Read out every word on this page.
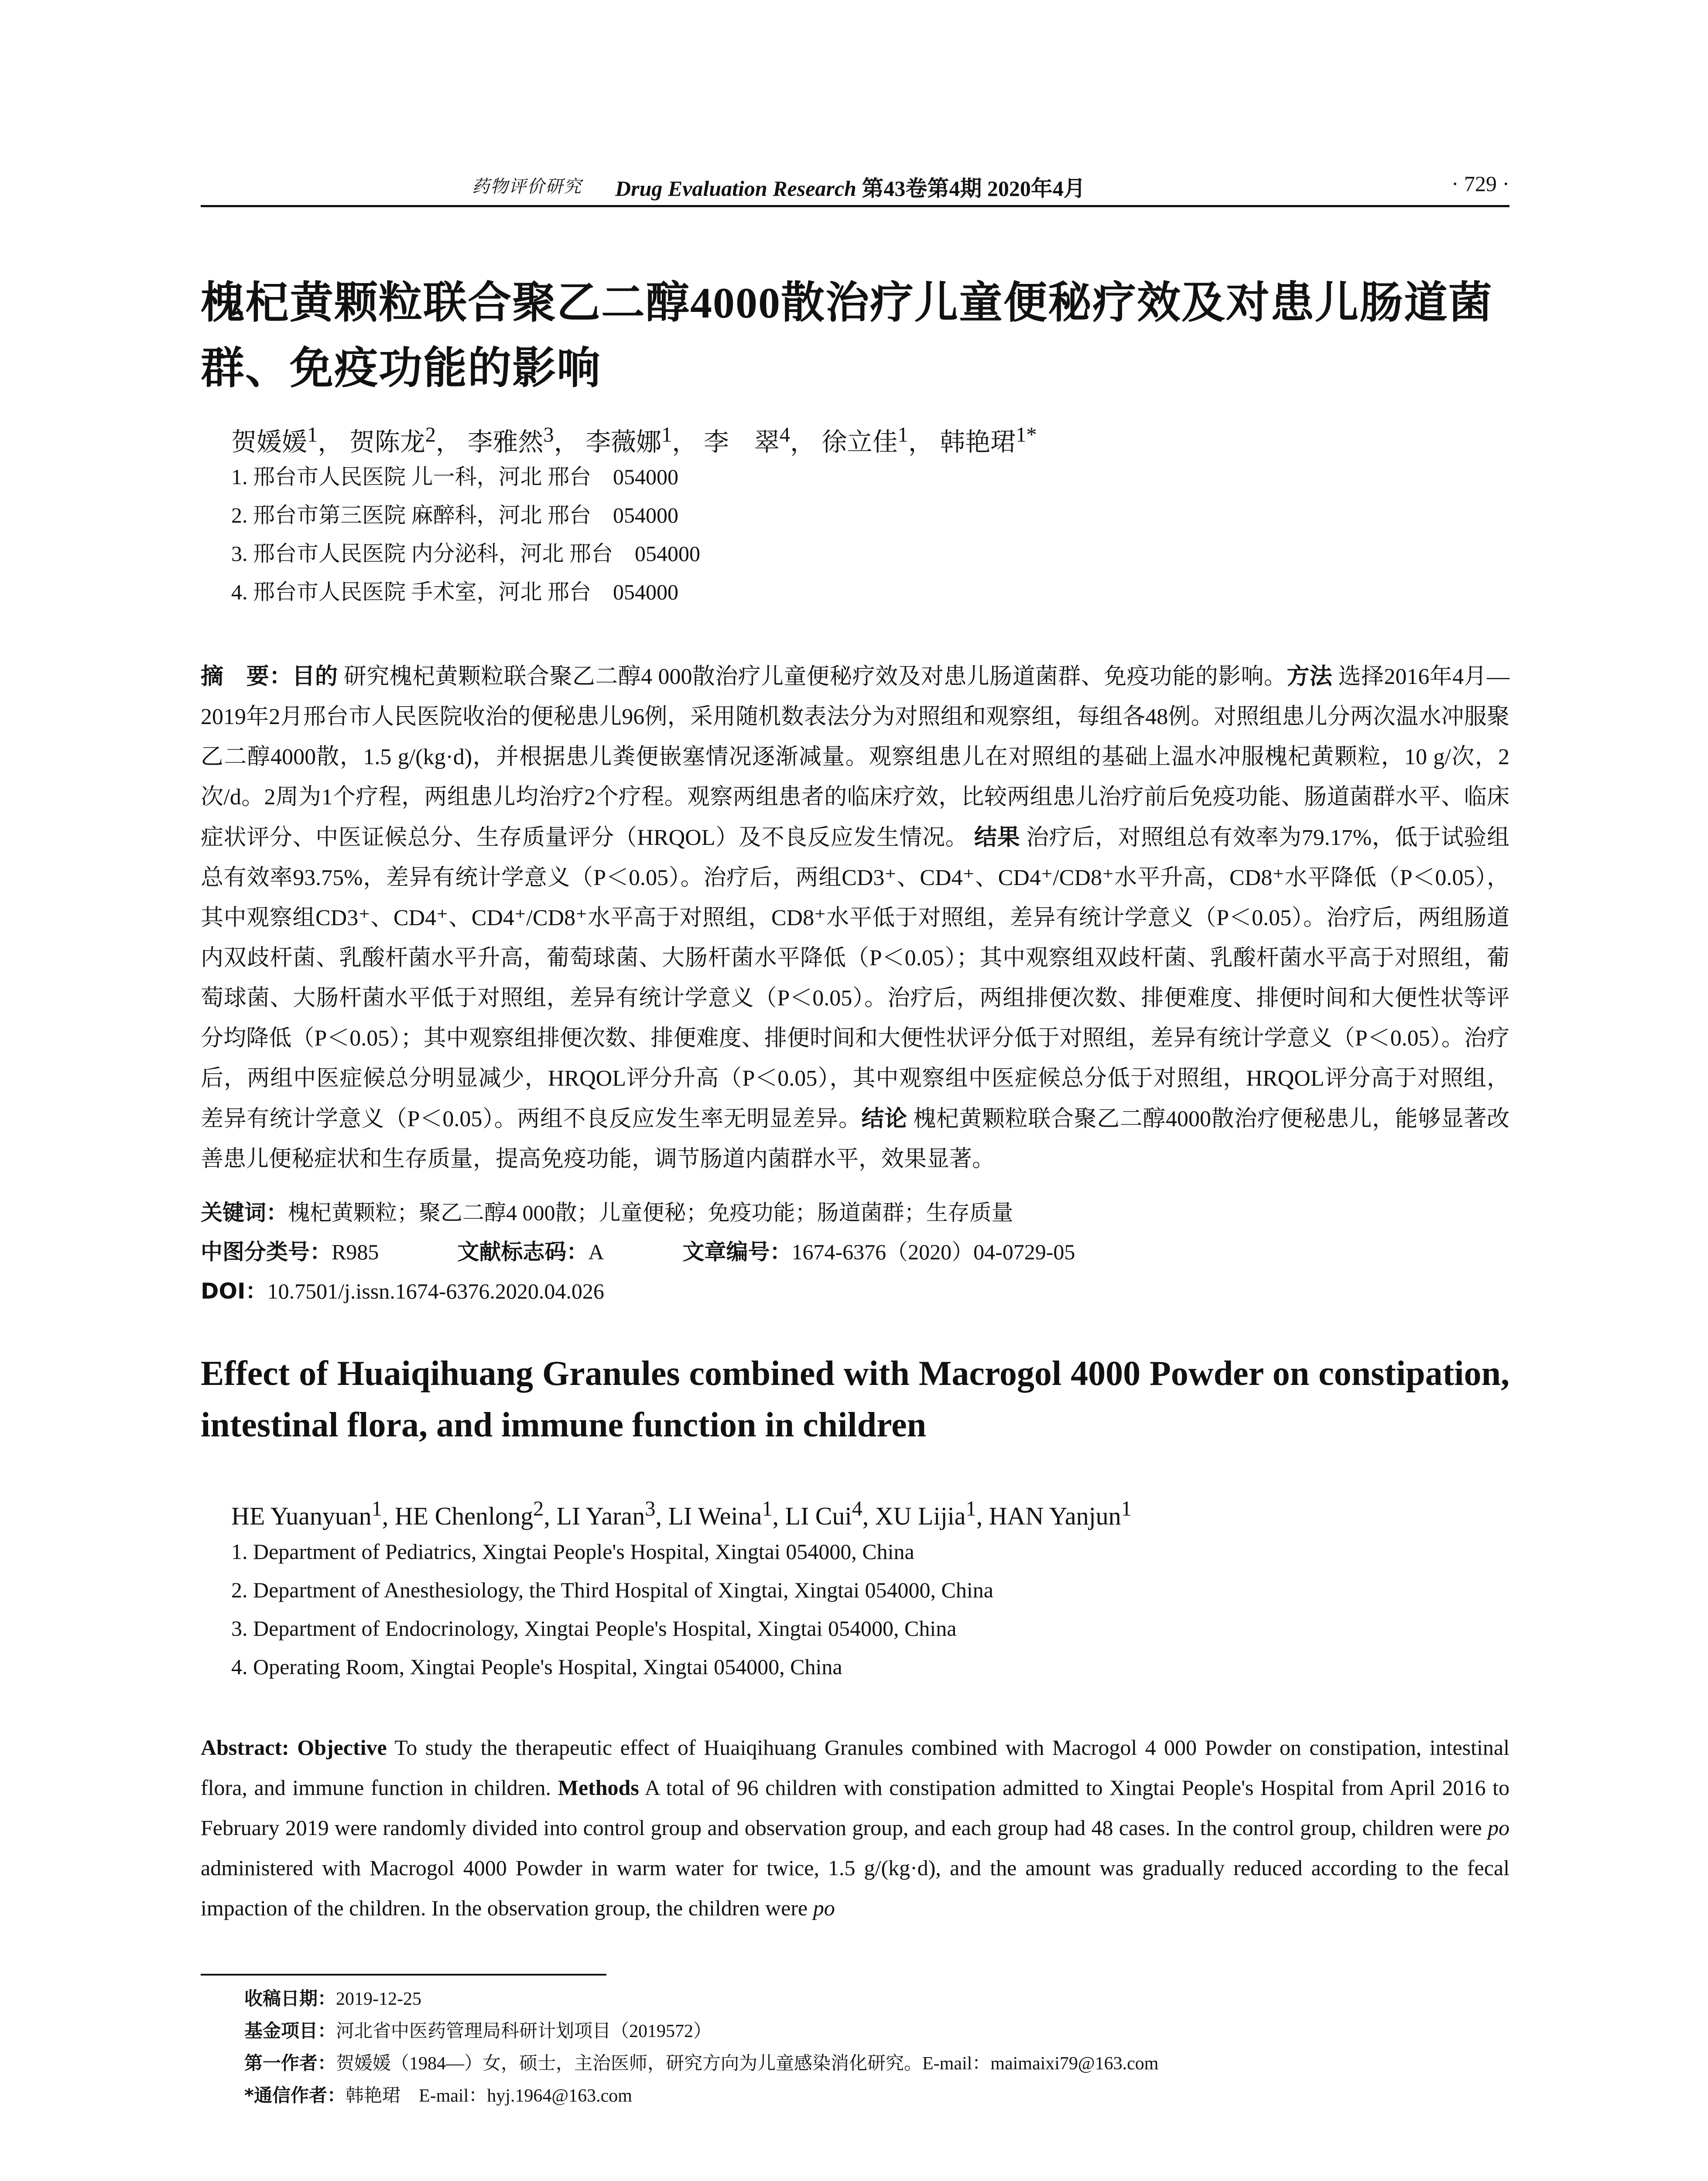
药物评价研究 Drug Evaluation Research 第43卷第4期 2020年4月	· 729 ·
槐杞黄颗粒联合聚乙二醇4000散治疗儿童便秘疗效及对患儿肠道菌群、免疫功能的影响
贺媛媛$^1$， 贺陈龙$^2$， 李雅然$^3$， 李薇娜$^1$， 李　翠$^4$， 徐立佳$^1$， 韩艳珺$^{1*}$
1. 邢台市人民医院 儿一科，河北 邢台　054000
2. 邢台市第三医院 麻醉科，河北 邢台　054000
3. 邢台市人民医院 内分泌科，河北 邢台　054000
4. 邢台市人民医院 手术室，河北 邢台　054000
摘　要：目的 研究槐杞黄颗粒联合聚乙二醇4 000散治疗儿童便秘疗效及对患儿肠道菌群、免疫功能的影响。方法 选择2016年4月—2019年2月邢台市人民医院收治的便秘患儿96例，采用随机数表法分为对照组和观察组，每组各48例。对照组患儿分两次温水冲服聚乙二醇4000散，1.5 g/(kg·d)，并根据患儿粪便嵌塞情况逐渐减量。观察组患儿在对照组的基础上温水冲服槐杞黄颗粒，10 g/次，2次/d。2周为1个疗程，两组患儿均治疗2个疗程。观察两组患者的临床疗效，比较两组患儿治疗前后免疫功能、肠道菌群水平、临床症状评分、中医证候总分、生存质量评分（HRQOL）及不良反应发生情况。 结果 治疗后，对照组总有效率为79.17%，低于试验组总有效率93.75%，差异有统计学意义（P＜0.05）。治疗后，两组CD3⁺、CD4⁺、CD4⁺/CD8⁺水平升高，CD8⁺水平降低（P＜0.05），其中观察组CD3⁺、CD4⁺、CD4⁺/CD8⁺水平高于对照组，CD8⁺水平低于对照组，差异有统计学意义（P＜0.05）。治疗后，两组肠道内双歧杆菌、乳酸杆菌水平升高，葡萄球菌、大肠杆菌水平降低（P＜0.05）；其中观察组双歧杆菌、乳酸杆菌水平高于对照组，葡萄球菌、大肠杆菌水平低于对照组，差异有统计学意义（P＜0.05）。治疗后，两组排便次数、排便难度、排便时间和大便性状等评分均降低（P＜0.05）；其中观察组排便次数、排便难度、排便时间和大便性状评分低于对照组，差异有统计学意义（P＜0.05）。治疗后，两组中医症候总分明显减少，HRQOL评分升高（P＜0.05），其中观察组中医症候总分低于对照组，HRQOL评分高于对照组，差异有统计学意义（P＜0.05）。两组不良反应发生率无明显差异。结论 槐杞黄颗粒联合聚乙二醇4000散治疗便秘患儿，能够显著改善患儿便秘症状和生存质量，提高免疫功能，调节肠道内菌群水平，效果显著。
关键词：槐杞黄颗粒；聚乙二醇4 000散；儿童便秘；免疫功能；肠道菌群；生存质量
中图分类号：R985	文献标志码：A	文章编号：1674-6376（2020）04-0729-05
DOI：10.7501/j.issn.1674-6376.2020.04.026
Effect of Huaiqihuang Granules combined with Macrogol 4000 Powder on constipation, intestinal flora, and immune function in children
HE Yuanyuan$^1$, HE Chenlong$^2$, LI Yaran$^3$, LI Weina$^1$, LI Cui$^4$, XU Lijia$^1$, HAN Yanjun$^1$
1. Department of Pediatrics, Xingtai People's Hospital, Xingtai 054000, China
2. Department of Anesthesiology, the Third Hospital of Xingtai, Xingtai 054000, China
3. Department of Endocrinology, Xingtai People's Hospital, Xingtai 054000, China
4. Operating Room, Xingtai People's Hospital, Xingtai 054000, China
Abstract: Objective To study the therapeutic effect of Huaiqihuang Granules combined with Macrogol 4 000 Powder on constipation, intestinal flora, and immune function in children. Methods A total of 96 children with constipation admitted to Xingtai People's Hospital from April 2016 to February 2019 were randomly divided into control group and observation group, and each group had 48 cases. In the control group, children were po administered with Macrogol 4000 Powder in warm water for twice, 1.5 g/(kg·d), and the amount was gradually reduced according to the fecal impaction of the children. In the observation group, the children were po
收稿日期：2019-12-25
基金项目：河北省中医药管理局科研计划项目（2019572）
第一作者：贺媛媛（1984—）女，硕士，主治医师，研究方向为儿童感染消化研究。E-mail：maimaixi79@163.com
*通信作者：韩艳珺　E-mail：hyj.1964@163.com
